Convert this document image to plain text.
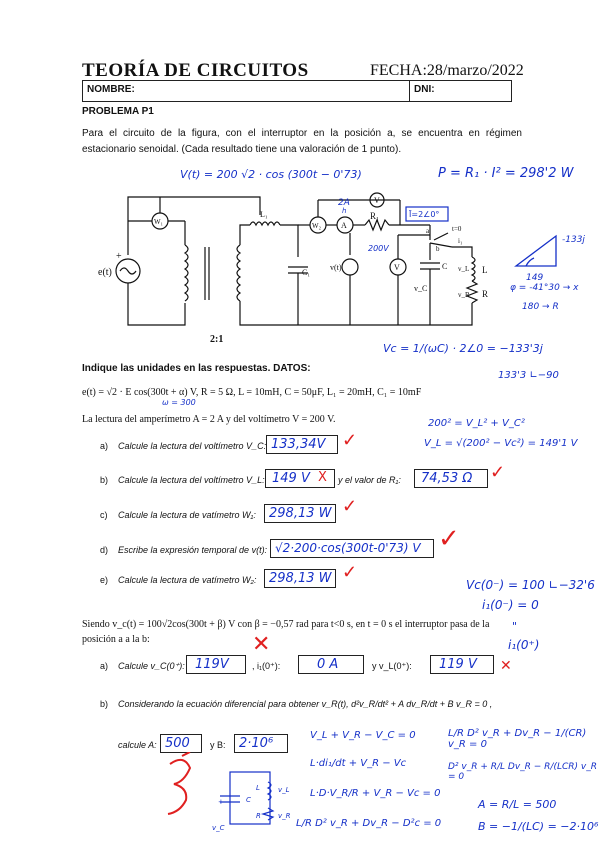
TEORÍA DE CIRCUITOS	FECHA:28/marzo/2022
NOMBRE:	DNI:
PROBLEMA P1
Para el circuito de la figura, con el interruptor en la posición a, se encuentra en régimen estacionario senoidal. (Cada resultado tiene una valoración de 1 punto).
V(t) = 200 √2 · cos (300t − 0'73)	P = R₁ · I² = 298'2 W
e(t)
+
W₁	W₂ A
V
L₁
C₁
R₁
v(t)	V
t=0
a
b
i₁
v_C
C v_L
v_R
L
R
2:1
2A
h
200V
Ī=2∠0°
-133j
149
φ = -41°30 → x
180 → R
Vc = 1/(ωC) · 2∠0 = −133'3j
133'3 ∟−90
Indique las unidades en las respuestas. DATOS:
e(t) = √2 · E cos(300t + α) V, R = 5 Ω, L = 10mH, C = 50μF, L₁ = 20mH, C₁ = 10mF
ω = 300
La lectura del amperímetro A = 2 A y del voltímetro V = 200 V.	200² = V_L² + V_C²
V_L = √(200² − Vc²) = 149'1 V
a) Calcule la lectura del voltímetro V_C: 133,34V ✓
b) Calcule la lectura del voltímetro V_L: 149 V X y el valor de R₁: 74,53 Ω ✓
c) Calcule la lectura de vatímetro W₁: 298,13 W ✓
d) Escribe la expresión temporal de v(t): √2·200·cos(300t-0'73) V ✓
e) Calcule la lectura de vatímetro W₂: 298,13 W ✓
Vc(0⁻) = 100 ∟−32'6
i₁(0⁻) = 0
"
i₁(0⁺)
Siendo v_c(t) = 100√2cos(300t + β) V con β = −0,57 rad para t<0 s, en t = 0 s el interruptor pasa de la posición a a la b:
a) Calcule v_C(0⁺): 119V
✕
, i₁(0⁺):	0 A	y v_L(0⁺): 119 V ✕
b) Considerando la ecuación diferencial para obtener v_R(t), d²v_R/dt² + A dv_R/dt + B v_R = 0 ,
calcule A: 500 y B: 2·10⁶
V_L + V_R − V_C = 0
L·di₁/dt + V_R − Vc
L·D·V_R/R + V_R − Vc = 0
L/R D² v_R + Dv_R − D²c = 0
L/R D² v_R + Dv_R − 1/(CR) v_R = 0
D² v_R + R/L Dv_R − R/(LCR) v_R = 0
A = R/L = 500
B = −1/(LC) = −2·10⁶
+
v_C
C
L
R
v_L
v_R
